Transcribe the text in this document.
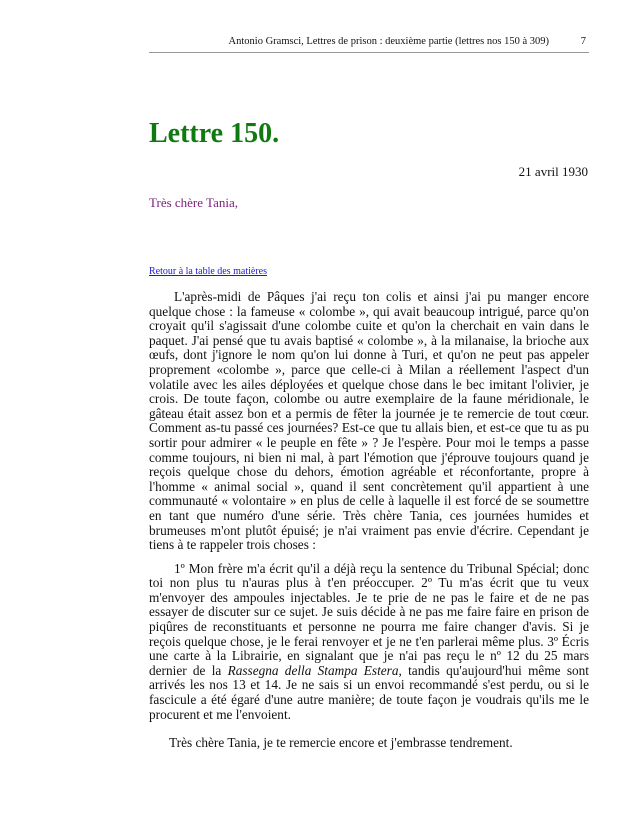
Antonio Gramsci, Lettres de prison : deuxième partie (lettres nos 150 à 309)	7
Lettre 150.
21 avril 1930
Très chère Tania,
Retour à la table des matières

L'après-midi de Pâques j'ai reçu ton colis et ainsi j'ai pu manger encore quelque chose : la fameuse « colombe », qui avait beaucoup intrigué, parce qu'on croyait qu'il s'agissait d'une colombe cuite et qu'on la cherchait en vain dans le paquet. J'ai pensé que tu avais baptisé « colombe », à la milanaise, la brioche aux œufs, dont j'ignore le nom qu'on lui donne à Turi, et qu'on ne peut pas appeler proprement «colombe », parce que celle-ci à Milan a réellement l'aspect d'un volatile avec les ailes déployées et quelque chose dans le bec imitant l'olivier, je crois. De toute façon, colombe ou autre exemplaire de la faune méridionale, le gâteau était assez bon et a permis de fêter la journée je te remercie de tout cœur. Comment as-tu passé ces journées? Est-ce que tu allais bien, et est-ce que tu as pu sortir pour admirer « le peuple en fête » ? Je l'espère. Pour moi le temps a passe comme toujours, ni bien ni mal, à part l'émotion que j'éprouve toujours quand je reçois quelque chose du dehors, émotion agréable et réconfortante, propre à l'homme « animal social », quand il sent concrètement qu'il appartient à une communauté « volontaire » en plus de celle à laquelle il est forcé de se soumettre en tant que numéro d'une série. Très chère Tania, ces journées humides et brumeuses m'ont plutôt épuisé; je n'ai vraiment pas envie d'écrire. Cependant je tiens à te rappeler trois choses :

1º Mon frère m'a écrit qu'il a déjà reçu la sentence du Tribunal Spécial; donc toi non plus tu n'auras plus à t'en préoccuper. 2º Tu m'as écrit que tu veux m'envoyer des ampoules injectables. Je te prie de ne pas le faire et de ne pas essayer de discuter sur ce sujet. Je suis décide à ne pas me faire faire en prison de piqûres de reconstituants et personne ne pourra me faire changer d'avis. Si je reçois quelque chose, je le ferai renvoyer et je ne t'en parlerai même plus. 3º Écris une carte à la Librairie, en signalant que je n'ai pas reçu le nº 12 du 25 mars dernier de la Rassegna della Stampa Estera, tandis qu'aujourd'hui même sont arrivés les nos 13 et 14. Je ne sais si un envoi recommandé s'est perdu, ou si le fascicule a été égaré d'une autre manière; de toute façon je voudrais qu'ils me le procurent et me l'envoient.

Très chère Tania, je te remercie encore et j'embrasse tendrement.
